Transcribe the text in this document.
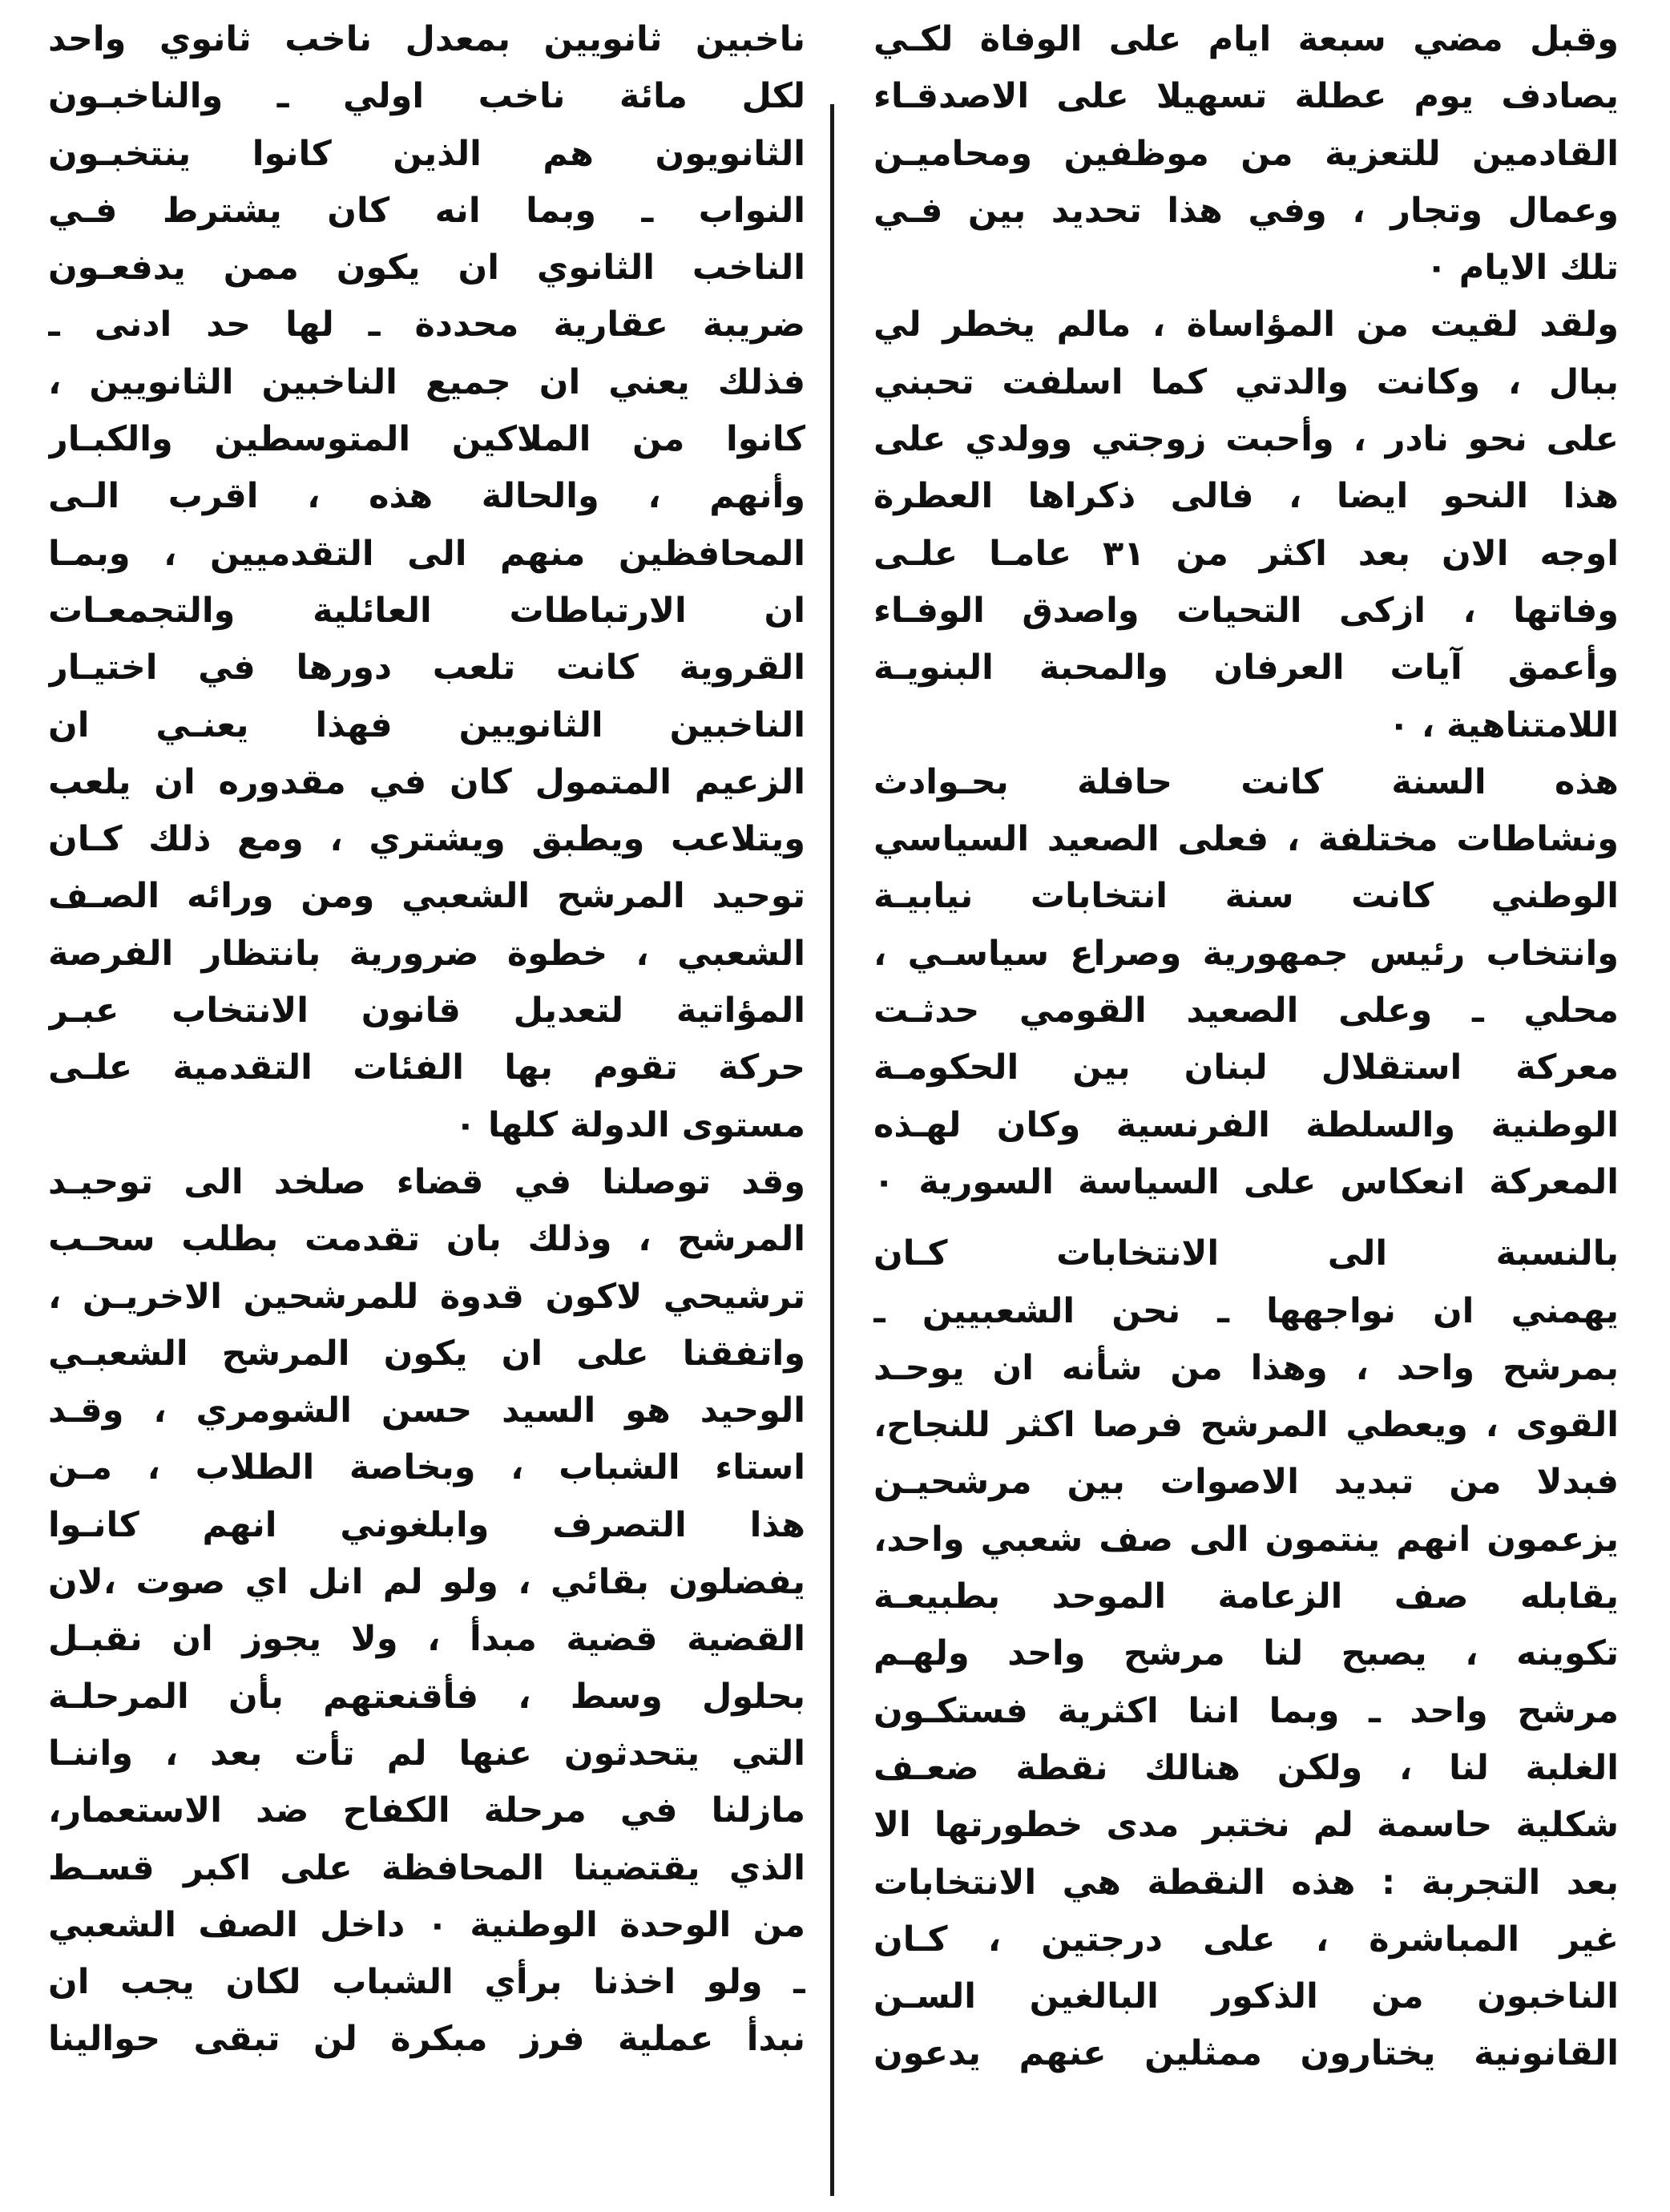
وقبل مضي سبعة ايام على الوفاة لكـي
يصادف يوم عطلة تسهيلا على الاصدقـاء
القادمين للتعزية من موظفين ومحاميـن
وعمال وتجار ، وفي هذا تحديد بين فـي
تلك الايام ٠
ولقد لقيت من المؤاساة ، مالم يخطر لي
ببال ، وكانت والدتي كما اسلفت تحبني
على نحو نادر ، وأحبت زوجتي وولدي على
هذا النحو ايضا ، فالى ذكراها العطرة
اوجه الان بعد اكثر من ٣١ عامـا علـى
وفاتها ، ازكى التحيات واصدق الوفـاء
وأعمق آيات العرفان والمحبة البنويـة
اللامتناهية ، ٠
هذه السنة كانت حافلة بحـوادث
ونشاطات مختلفة ، فعلى الصعيد السياسي
الوطني كانت سنة انتخابات نيابيـة
وانتخاب رئيس جمهورية وصراع سياسـي ،
محلي ـ وعلى الصعيد القومي حدثـت
معركة استقلال لبنان بين الحكومـة
الوطنية والسلطة الفرنسية وكان لهـذه
المعركة انعكاس على السياسة السورية ٠
بالنسبة الى الانتخابات كـان
يهمني ان نواجهها ـ نحن الشعبيين ـ
بمرشح واحد ، وهذا من شأنه ان يوحـد
القوى ، ويعطي المرشح فرصا اكثر للنجاح،
فبدلا من تبديد الاصوات بين مرشحيـن
يزعمون انهم ينتمون الى صف شعبي واحد،
يقابله صف الزعامة الموحد بطبيعـة
تكوينه ، يصبح لنا مرشح واحد ولهـم
مرشح واحد ـ وبما اننا اكثرية فستكـون
الغلبة لنا ، ولكن هنالك نقطة ضعـف
شكلية حاسمة لم نختبر مدى خطورتها الا
بعد التجربة : هذه النقطة هي الانتخابات
غير المباشرة ، على درجتين ، كـان
الناخبون من الذكور البالغين السـن
القانونية يختارون ممثلين عنهم يدعون
ناخبين ثانويين بمعدل ناخب ثانوي واحد
لكل مائة ناخب اولي ـ والناخبـون
الثانويون هم الذين كانوا ينتخبـون
النواب ـ وبما انه كان يشترط فـي
الناخب الثانوي ان يكون ممن يدفعـون
ضريبة عقارية محددة ـ لها حد ادنى ـ
فذلك يعني ان جميع الناخبين الثانويين ،
كانوا من الملاكين المتوسطين والكبـار
وأنهم ، والحالة هذه ، اقرب الـى
المحافظين منهم الى التقدميين ، وبمـا
ان الارتباطات العائلية والتجمعـات
القروية كانت تلعب دورها في اختيـار
الناخبين الثانويين فهذا يعنـي ان
الزعيم المتمول كان في مقدوره ان يلعب
ويتلاعب ويطبق ويشتري ، ومع ذلك كـان
توحيد المرشح الشعبي ومن ورائه الصـف
الشعبي ، خطوة ضرورية بانتظار الفرصة
المؤاتية لتعديل قانون الانتخاب عبـر
حركة تقوم بها الفئات التقدمية علـى
مستوى الدولة كلها ٠
وقد توصلنا في قضاء صلخد الى توحيـد
المرشح ، وذلك بان تقدمت بطلب سحـب
ترشيحي لاكون قدوة للمرشحين الاخريـن ،
واتفقنا على ان يكون المرشح الشعبـي
الوحيد هو السيد حسن الشومري ، وقـد
استاء الشباب ، وبخاصة الطلاب ، مـن
هذا التصرف وابلغوني انهم كانـوا
يفضلون بقائي ، ولو لم انل اي صوت ،لان
القضية قضية مبدأ ، ولا يجوز ان نقبـل
بحلول وسط ، فأقنعتهم بأن المرحلـة
التي يتحدثون عنها لم تأت بعد ، واننـا
مازلنا في مرحلة الكفاح ضد الاستعمار،
الذي يقتضينا المحافظة على اكبر قسـط
من الوحدة الوطنية ٠ داخل الصف الشعبي
ـ ولو اخذنا برأي الشباب لكان يجب ان
نبدأ عملية فرز مبكرة لن تبقى حوالينا
